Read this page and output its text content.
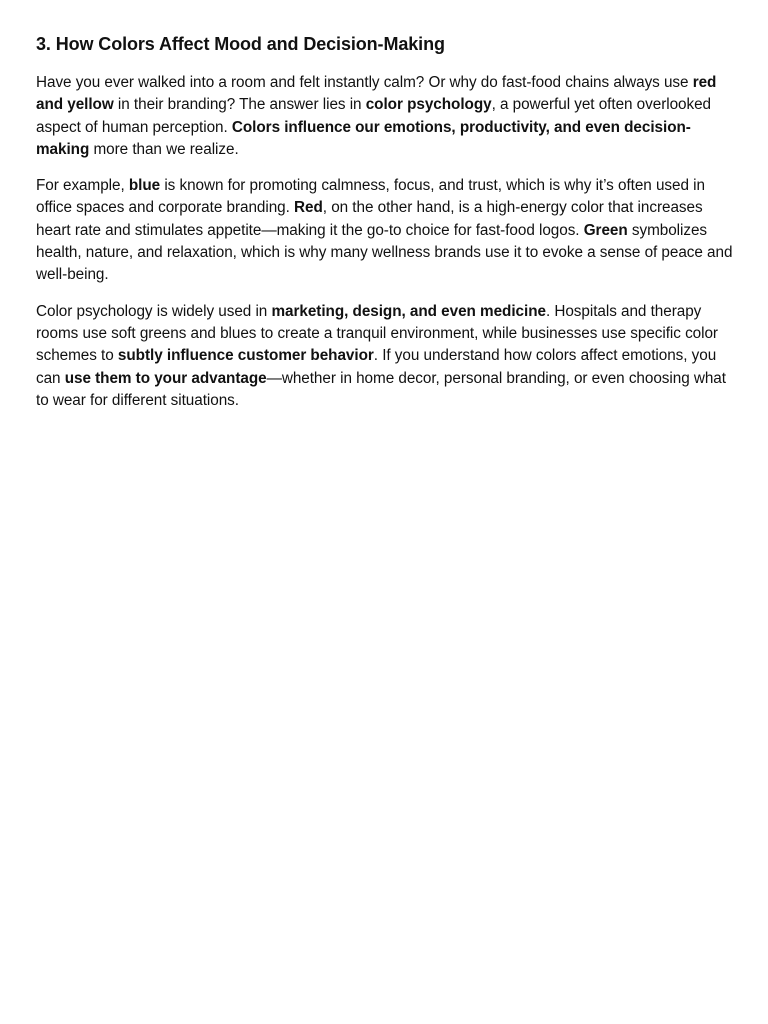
3. How Colors Affect Mood and Decision-Making

Have you ever walked into a room and felt instantly calm? Or why do fast-food chains always use red and yellow in their branding? The answer lies in color psychology, a powerful yet often overlooked aspect of human perception. Colors influence our emotions, productivity, and even decision-making more than we realize.

For example, blue is known for promoting calmness, focus, and trust, which is why it’s often used in office spaces and corporate branding. Red, on the other hand, is a high-energy color that increases heart rate and stimulates appetite—making it the go-to choice for fast-food logos. Green symbolizes health, nature, and relaxation, which is why many wellness brands use it to evoke a sense of peace and well-being.

Color psychology is widely used in marketing, design, and even medicine. Hospitals and therapy rooms use soft greens and blues to create a tranquil environment, while businesses use specific color schemes to subtly influence customer behavior. If you understand how colors affect emotions, you can use them to your advantage—whether in home decor, personal branding, or even choosing what to wear for different situations.
